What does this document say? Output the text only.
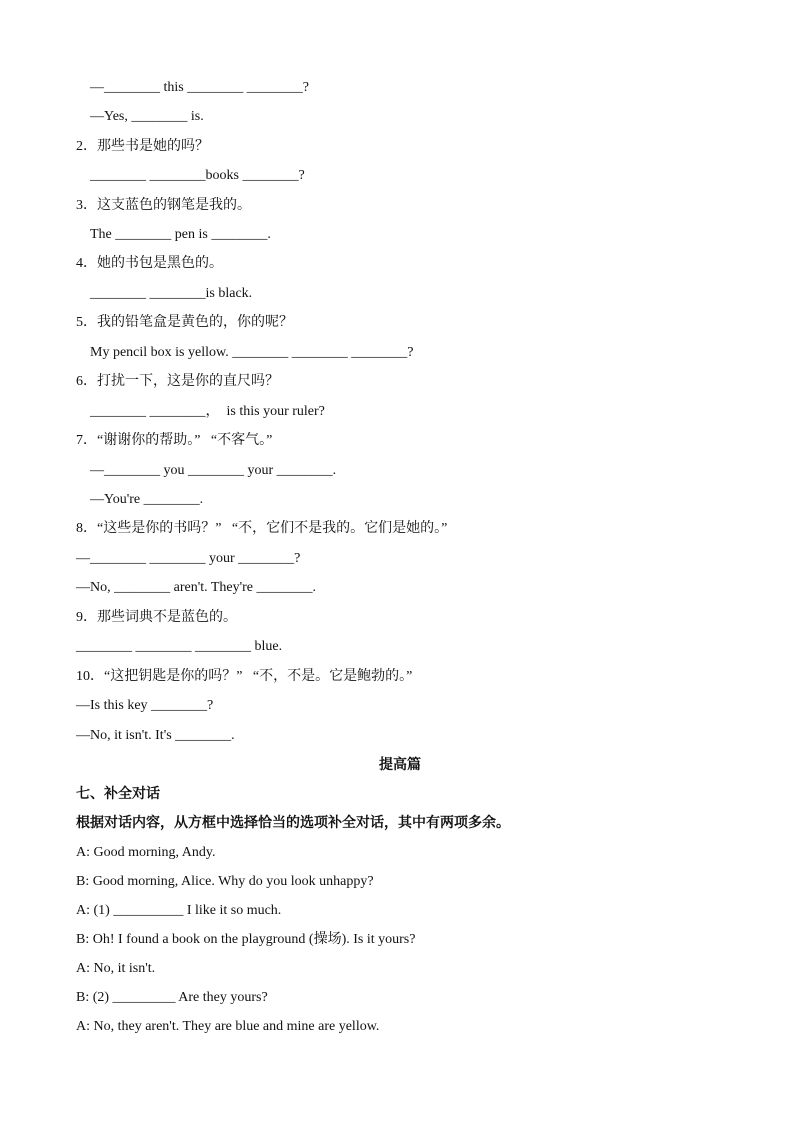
—________ this ________ ________?
—Yes, ________ is.
2．那些书是她的吗？
________ ________books ________?
3．这支蓝色的钢笔是我的。
The ________ pen is ________.
4．她的书包是黑色的。
________ ________is black.
5．我的铅笔盒是黄色的，你的呢？
My pencil box is yellow. ________ ________ ________?
6．打扰一下，这是你的直尺吗？
________ ________，  is this your ruler?
7．“谢谢你的帮助。”   “不客气。”
—________ you ________ your ________.
—You're ________.
8．“这些是你的书吗？”   “不，它们不是我的。它们是她的。”
—________ ________ your ________?
—No, ________ aren't. They're ________.
9．那些词典不是蓝色的。
________ ________ ________ blue.
10．“这把钥匙是你的吗？”   “不，不是。它是鲍勃的。”
—Is this key ________?
—No, it isn't. It's ________.
提高篇
七、补全对话
根据对话内容，从方框中选择恰当的选项补全对话，其中有两项多余。
A: Good morning, Andy.
B: Good morning, Alice. Why do you look unhappy?
A: (1) __________ I like it so much.
B: Oh! I found a book on the playground (操场). Is it yours?
A: No, it isn't.
B: (2) _________ Are they yours?
A: No, they aren't. They are blue and mine are yellow.
